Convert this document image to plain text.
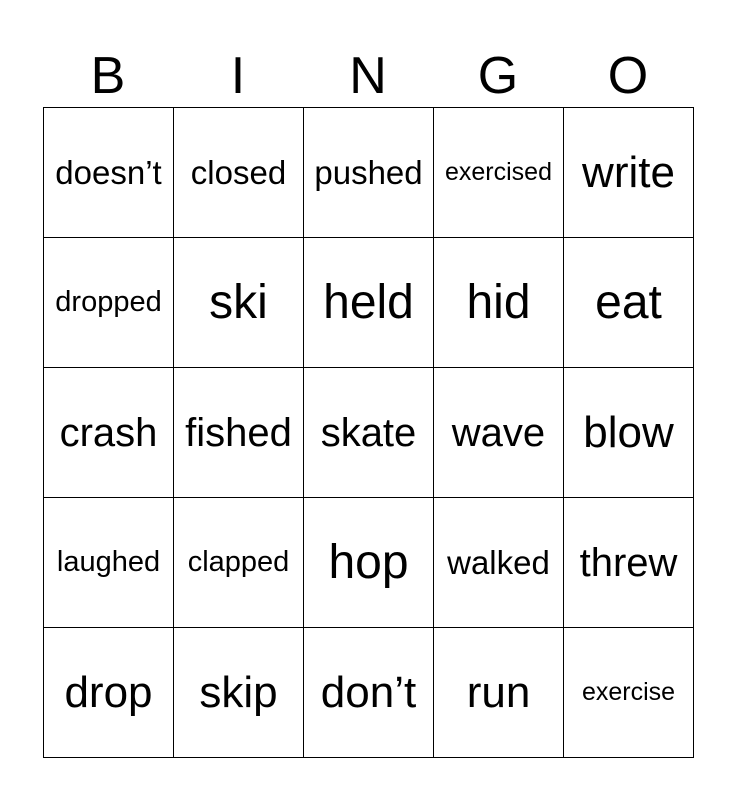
B	I	N	G	O
doesn’t closed pushed exercised write
dropped ski	held	hid	eat
crash fished skate wave blow
laughed clapped hop	walked threw
drop	skip don’t	run	exercise
